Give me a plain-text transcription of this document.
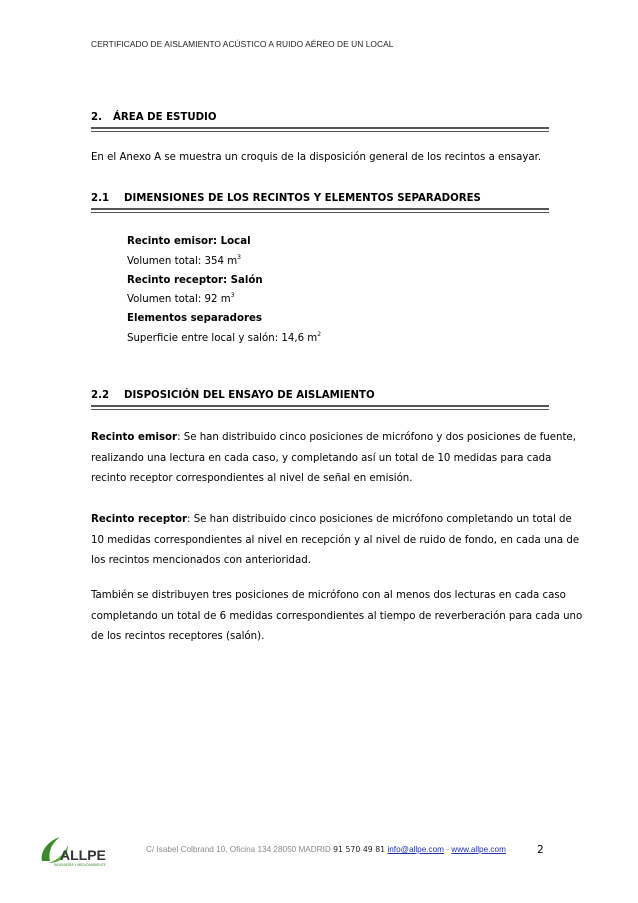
CERTIFICADO DE AISLAMIENTO ACÚSTICO A RUIDO AÉREO DE UN LOCAL
2. ÁREA DE ESTUDIO
En el Anexo A se muestra un croquis de la disposición general de los recintos a ensayar.
2.1 DIMENSIONES DE LOS RECINTOS Y ELEMENTOS SEPARADORES
Recinto emisor: Local
Volumen total: 354 $m^3$
Recinto receptor: Salón
Volumen total: 92 $m^3$
Elementos separadores
Superficie entre local y salón: 14,6 $m^2$
2.2 DISPOSICIÓN DEL ENSAYO DE AISLAMIENTO
Recinto emisor: Se han distribuido cinco posiciones de micrófono y dos posiciones de fuente,
realizando una lectura en cada caso, y completando así un total de 10 medidas para cada
recinto receptor correspondientes al nivel de señal en emisión.
Recinto receptor: Se han distribuido cinco posiciones de micrófono completando un total de
10 medidas correspondientes al nivel en recepción y al nivel de ruido de fondo, en cada una de
los recintos mencionados con anterioridad.
También se distribuyen tres posiciones de micrófono con al menos dos lecturas en cada caso
completando un total de 6 medidas correspondientes al tiempo de reverberación para cada uno
de los recintos receptores (salón).
ALLPE
INGENIERÍA Y MEDIOAMBIENTE
C/ Isabel Colbrand 10, Oficina 134 28050 MADRID 91 570 49 81 info@allpe.com - www.allpe.com	2
